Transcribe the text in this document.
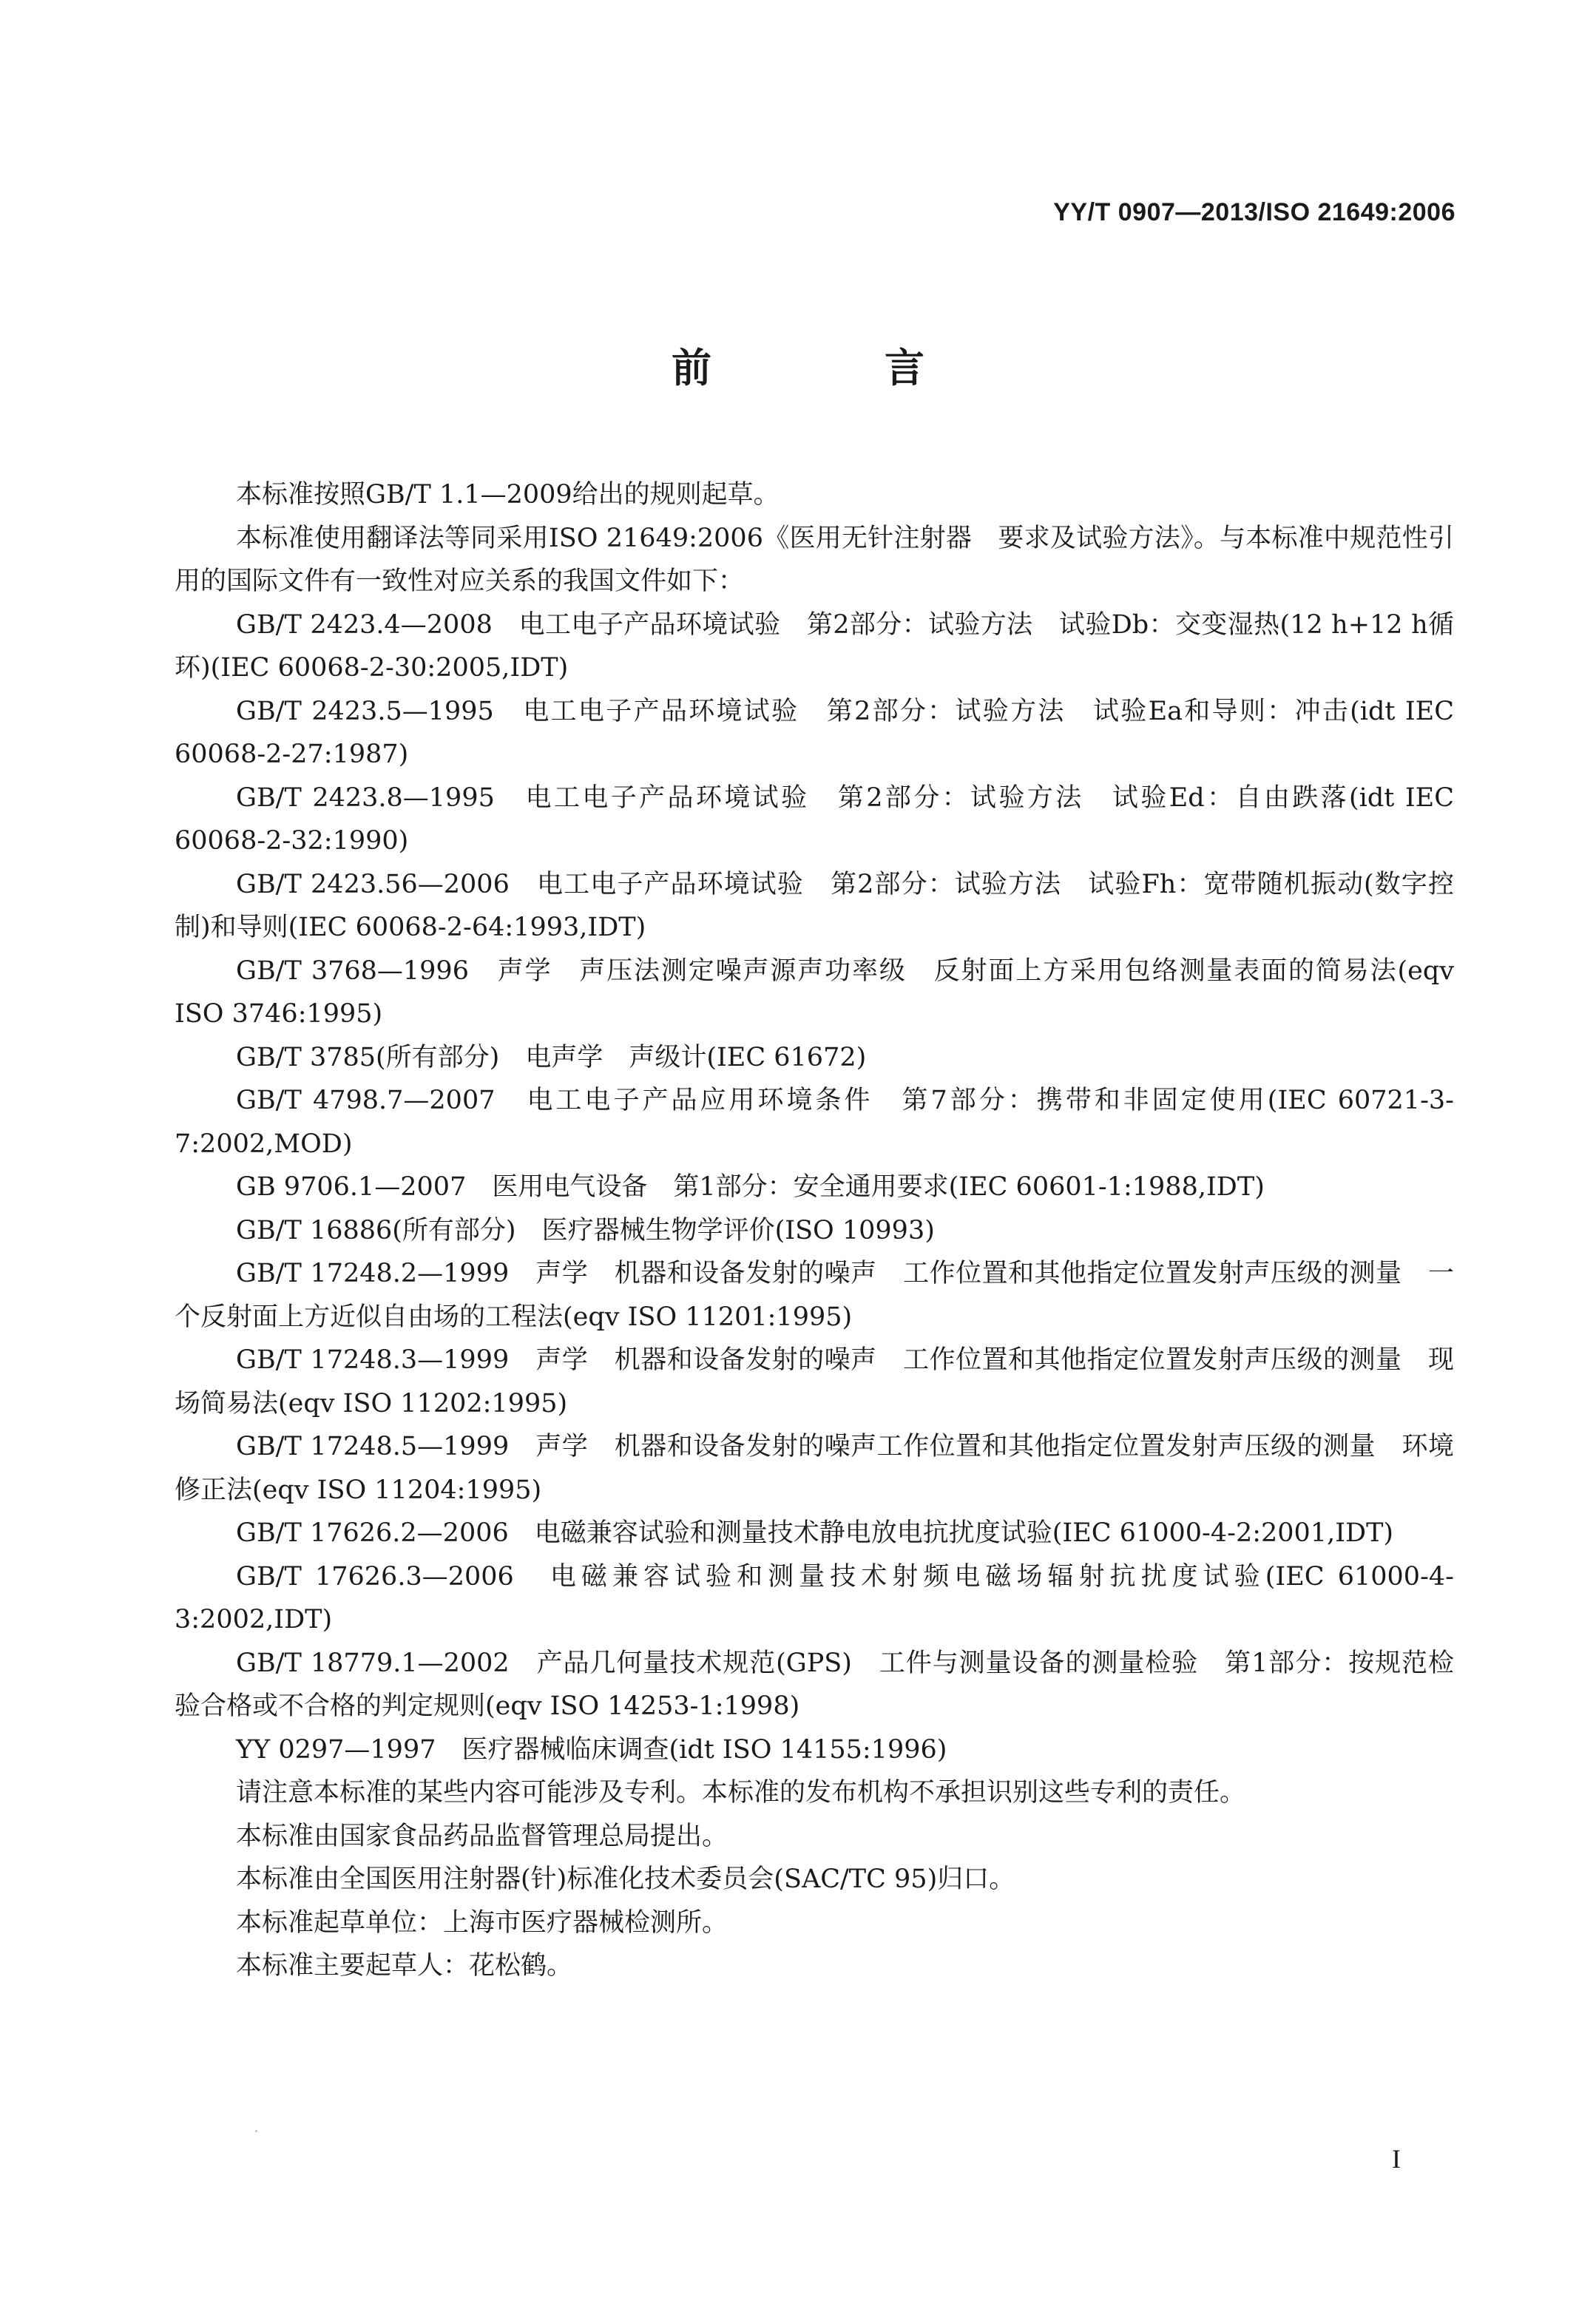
YY/T 0907—2013/ISO 21649:2006
前　言

本标准按照GB/T 1.1—2009给出的规则起草。

本标准使用翻译法等同采用ISO 21649:2006《医用无针注射器　要求及试验方法》。与本标准中规范性引用的国际文件有一致性对应关系的我国文件如下：

GB/T 2423.4—2008　电工电子产品环境试验　第2部分：试验方法　试验Db：交变湿热(12 h+12 h循环)(IEC 60068-2-30:2005,IDT)

GB/T 2423.5—1995　电工电子产品环境试验　第2部分：试验方法　试验Ea和导则：冲击(idt IEC 60068-2-27:1987)

GB/T 2423.8—1995　电工电子产品环境试验　第2部分：试验方法　试验Ed：自由跌落(idt IEC 60068-2-32:1990)

GB/T 2423.56—2006　电工电子产品环境试验　第2部分：试验方法　试验Fh：宽带随机振动(数字控制)和导则(IEC 60068-2-64:1993,IDT)

GB/T 3768—1996　声学　声压法测定噪声源声功率级　反射面上方采用包络测量表面的简易法(eqv ISO 3746:1995)

GB/T 3785(所有部分)　电声学　声级计(IEC 61672)

GB/T 4798.7—2007　电工电子产品应用环境条件　第7部分：携带和非固定使用(IEC 60721-3-7:2002,MOD)

GB 9706.1—2007　医用电气设备　第1部分：安全通用要求(IEC 60601-1:1988,IDT)

GB/T 16886(所有部分)　医疗器械生物学评价(ISO 10993)

GB/T 17248.2—1999　声学　机器和设备发射的噪声　工作位置和其他指定位置发射声压级的测量　一个反射面上方近似自由场的工程法(eqv ISO 11201:1995)

GB/T 17248.3—1999　声学　机器和设备发射的噪声　工作位置和其他指定位置发射声压级的测量　现场简易法(eqv ISO 11202:1995)

GB/T 17248.5—1999　声学　机器和设备发射的噪声工作位置和其他指定位置发射声压级的测量　环境修正法(eqv ISO 11204:1995)

GB/T 17626.2—2006　电磁兼容试验和测量技术静电放电抗扰度试验(IEC 61000-4-2:2001,IDT)

GB/T 17626.3—2006　电磁兼容试验和测量技术射频电磁场辐射抗扰度试验(IEC 61000-4-3:2002,IDT)

GB/T 18779.1—2002　产品几何量技术规范(GPS)　工件与测量设备的测量检验　第1部分：按规范检验合格或不合格的判定规则(eqv ISO 14253-1:1998)

YY 0297—1997　医疗器械临床调查(idt ISO 14155:1996)

请注意本标准的某些内容可能涉及专利。本标准的发布机构不承担识别这些专利的责任。

本标准由国家食品药品监督管理总局提出。

本标准由全国医用注射器(针)标准化技术委员会(SAC/TC 95)归口。

本标准起草单位：上海市医疗器械检测所。

本标准主要起草人：花松鹤。

I
